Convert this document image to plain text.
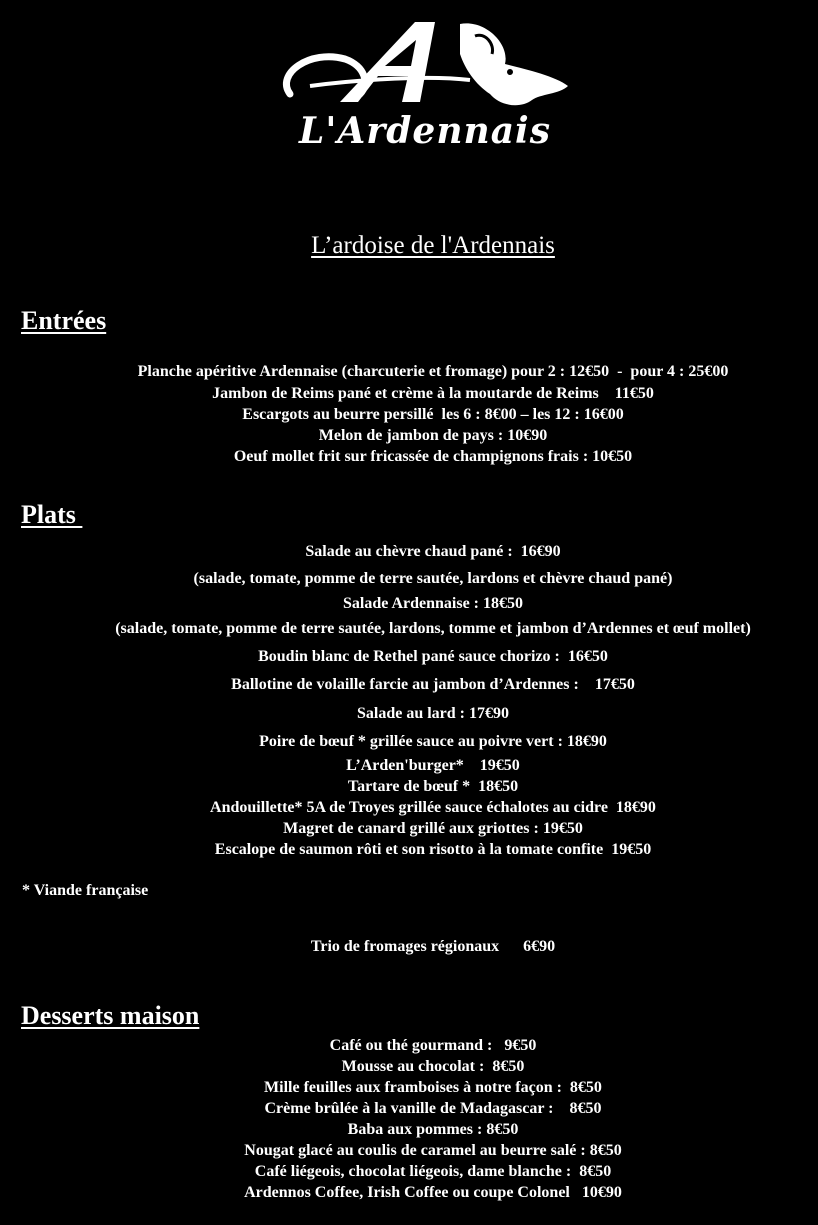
L'Ardennais
L’ardoise de l'Ardennais
Entrées
Planche apéritive Ardennaise (charcuterie et fromage) pour 2 : 12€50  -  pour 4 : 25€00
Jambon de Reims pané et crème à la moutarde de Reims    11€50
Escargots au beurre persillé  les 6 : 8€00 – les 12 : 16€00
Melon de jambon de pays : 10€90
Oeuf mollet frit sur fricassée de champignons frais : 10€50
Plats
Salade au chèvre chaud pané :  16€90
(salade, tomate, pomme de terre sautée, lardons et chèvre chaud pané)
Salade Ardennaise : 18€50
(salade, tomate, pomme de terre sautée, lardons, tomme et jambon d’Ardennes et œuf mollet)
Boudin blanc de Rethel pané sauce chorizo :  16€50
Ballotine de volaille farcie au jambon d’Ardennes :    17€50
Salade au lard : 17€90
Poire de bœuf * grillée sauce au poivre vert : 18€90
L’Arden'burger*    19€50
Tartare de bœuf *  18€50
Andouillette* 5A de Troyes grillée sauce échalotes au cidre  18€90
Magret de canard grillé aux griottes : 19€50
Escalope de saumon rôti et son risotto à la tomate confite  19€50
* Viande française
Trio de fromages régionaux      6€90
Desserts maison
Café ou thé gourmand :   9€50
Mousse au chocolat :  8€50
Mille feuilles aux framboises à notre façon :  8€50
Crème brûlée à la vanille de Madagascar :    8€50
Baba aux pommes : 8€50
Nougat glacé au coulis de caramel au beurre salé : 8€50
Café liégeois, chocolat liégeois, dame blanche :  8€50
Ardennos Coffee, Irish Coffee ou coupe Colonel   10€90
